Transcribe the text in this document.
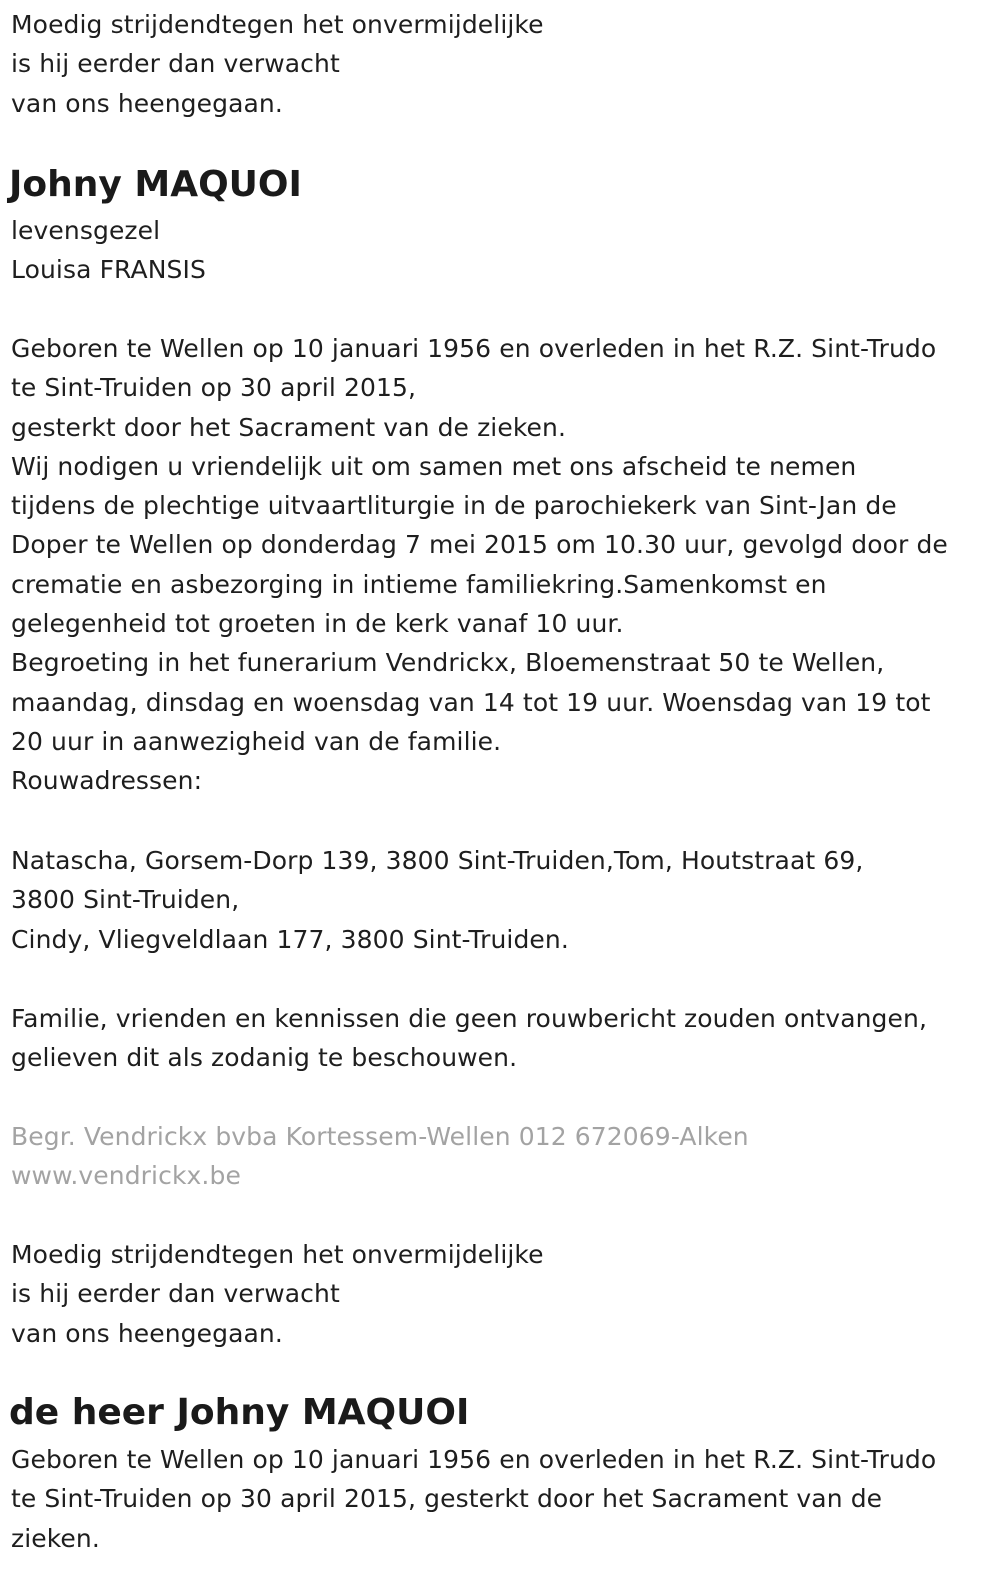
Moedig strijdendtegen het onvermijdelijke

is hij eerder dan verwacht

van ons heengegaan.

Johny MAQUOI

levensgezel

Louisa FRANSIS

Geboren te Wellen op 10 januari 1956 en overleden in het R.Z. Sint-Trudo

te Sint-Truiden op 30 april 2015,

gesterkt door het Sacrament van de zieken.

Wij nodigen u vriendelijk uit om samen met ons afscheid te nemen

tijdens de plechtige uitvaartliturgie in de parochiekerk van Sint-Jan de

Doper te Wellen op donderdag 7 mei 2015 om 10.30 uur, gevolgd door de

crematie en asbezorging in intieme familiekring.Samenkomst en

gelegenheid tot groeten in de kerk vanaf 10 uur.

Begroeting in het funerarium Vendrickx, Bloemenstraat 50 te Wellen,

maandag, dinsdag en woensdag van 14 tot 19 uur. Woensdag van 19 tot

20 uur in aanwezigheid van de familie.

Rouwadressen:

Natascha, Gorsem-Dorp 139, 3800 Sint-Truiden,Tom, Houtstraat 69,

3800 Sint-Truiden,

Cindy, Vliegveldlaan 177, 3800 Sint-Truiden.

Familie, vrienden en kennissen die geen rouwbericht zouden ontvangen,

gelieven dit als zodanig te beschouwen.

Begr. Vendrickx bvba Kortessem-Wellen 012 672069-Alken

www.vendrickx.be

Moedig strijdendtegen het onvermijdelijke

is hij eerder dan verwacht

van ons heengegaan.

de heer Johny MAQUOI

Geboren te Wellen op 10 januari 1956 en overleden in het R.Z. Sint-Trudo

te Sint-Truiden op 30 april 2015, gesterkt door het Sacrament van de

zieken.
